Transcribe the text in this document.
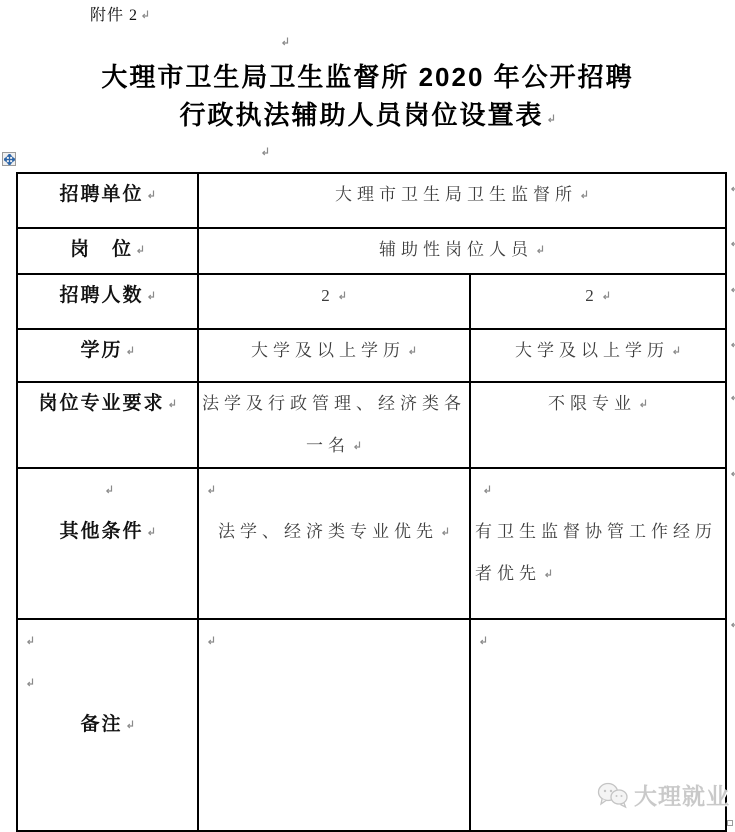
附件 2
大理市卫生局卫生监督所 2020 年公开招聘
行政执法辅助人员岗位设置表
招聘单位	大理市卫生局卫生监督所	

岗　位	辅助性岗位人员	

招聘人数	2	2

学历	大学及以上学历	大学及以上学历

岗位专业要求	法学及行政管理、经济类各一名	不限专业

其他条件	法学、经济类专业优先	有卫生监督协管工作经历者优先

备注

大理就业
